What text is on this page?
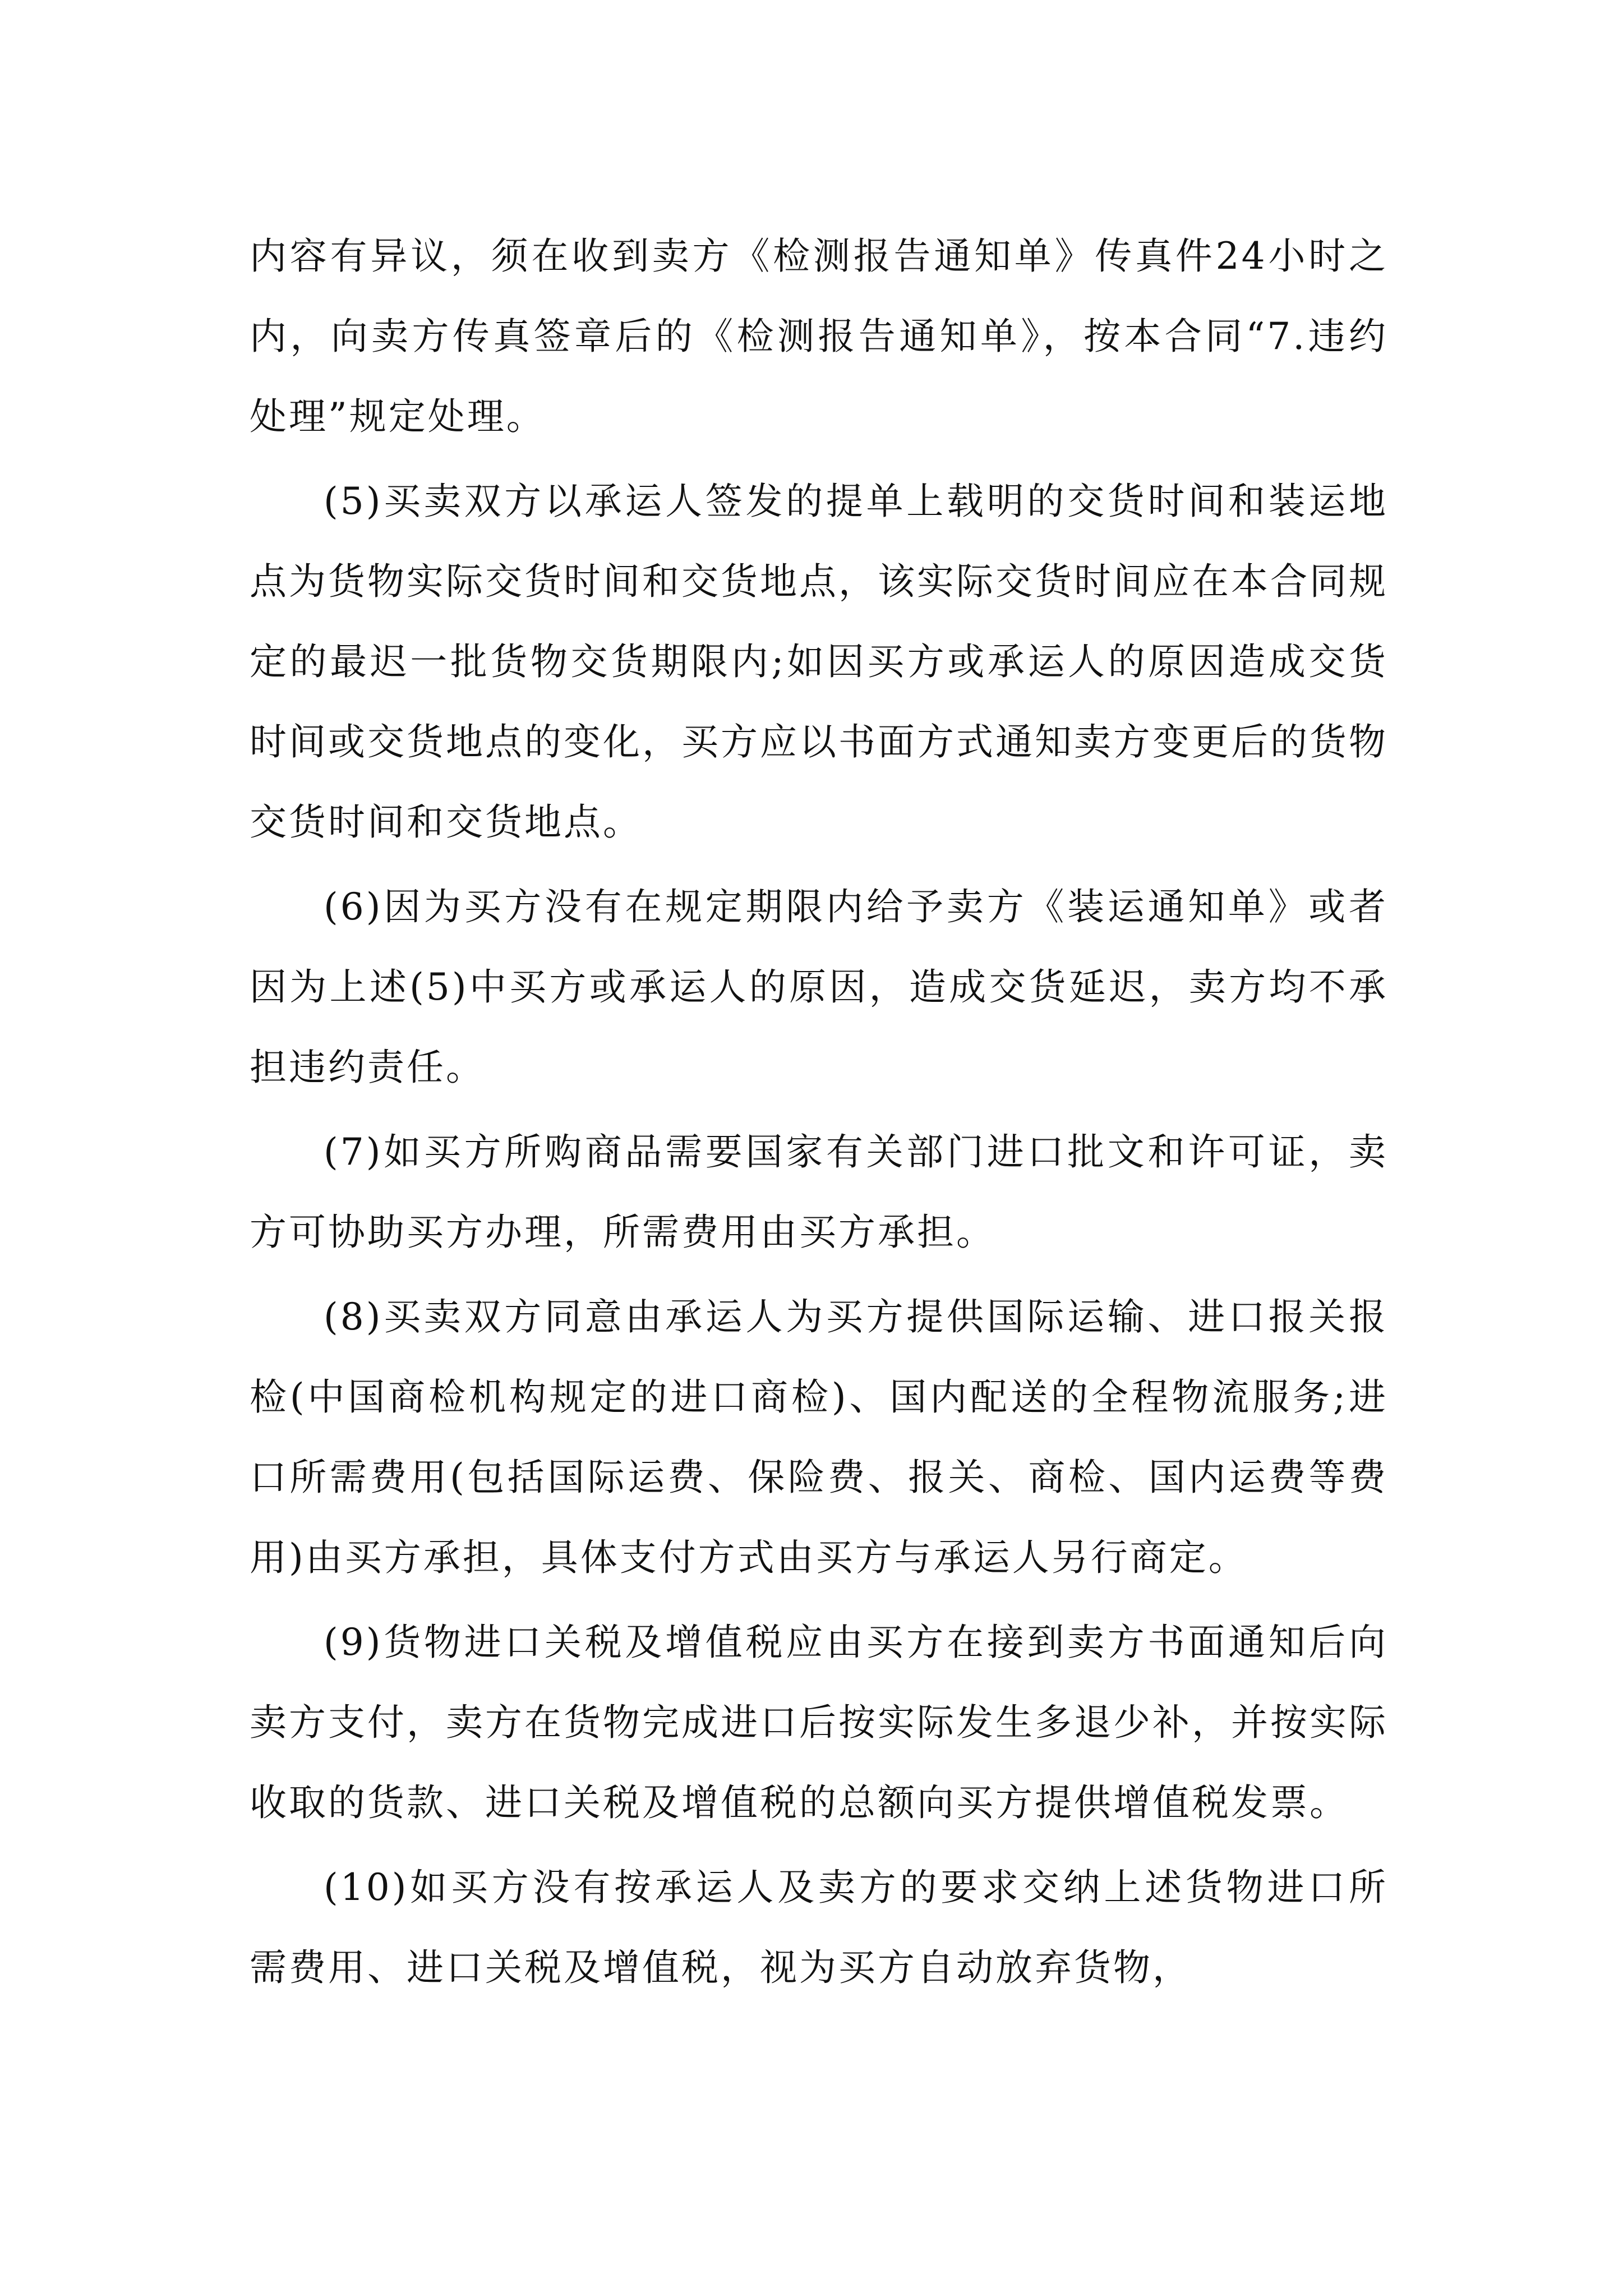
内容有异议，须在收到卖方《检测报告通知单》传真件24小时之内，向卖方传真签章后的《检测报告通知单》，按本合同“7.违约处理”规定处理。

(5)买卖双方以承运人签发的提单上载明的交货时间和装运地点为货物实际交货时间和交货地点，该实际交货时间应在本合同规定的最迟一批货物交货期限内;如因买方或承运人的原因造成交货时间或交货地点的变化，买方应以书面方式通知卖方变更后的货物交货时间和交货地点。

(6)因为买方没有在规定期限内给予卖方《装运通知单》或者因为上述(5)中买方或承运人的原因，造成交货延迟，卖方均不承担违约责任。

(7)如买方所购商品需要国家有关部门进口批文和许可证，卖方可协助买方办理，所需费用由买方承担。

(8)买卖双方同意由承运人为买方提供国际运输、进口报关报检(中国商检机构规定的进口商检)、国内配送的全程物流服务;进口所需费用(包括国际运费、保险费、报关、商检、国内运费等费用)由买方承担，具体支付方式由买方与承运人另行商定。

(9)货物进口关税及增值税应由买方在接到卖方书面通知后向卖方支付，卖方在货物完成进口后按实际发生多退少补，并按实际收取的货款、进口关税及增值税的总额向买方提供增值税发票。

(10)如买方没有按承运人及卖方的要求交纳上述货物进口所需费用、进口关税及增值税，视为买方自动放弃货物，
